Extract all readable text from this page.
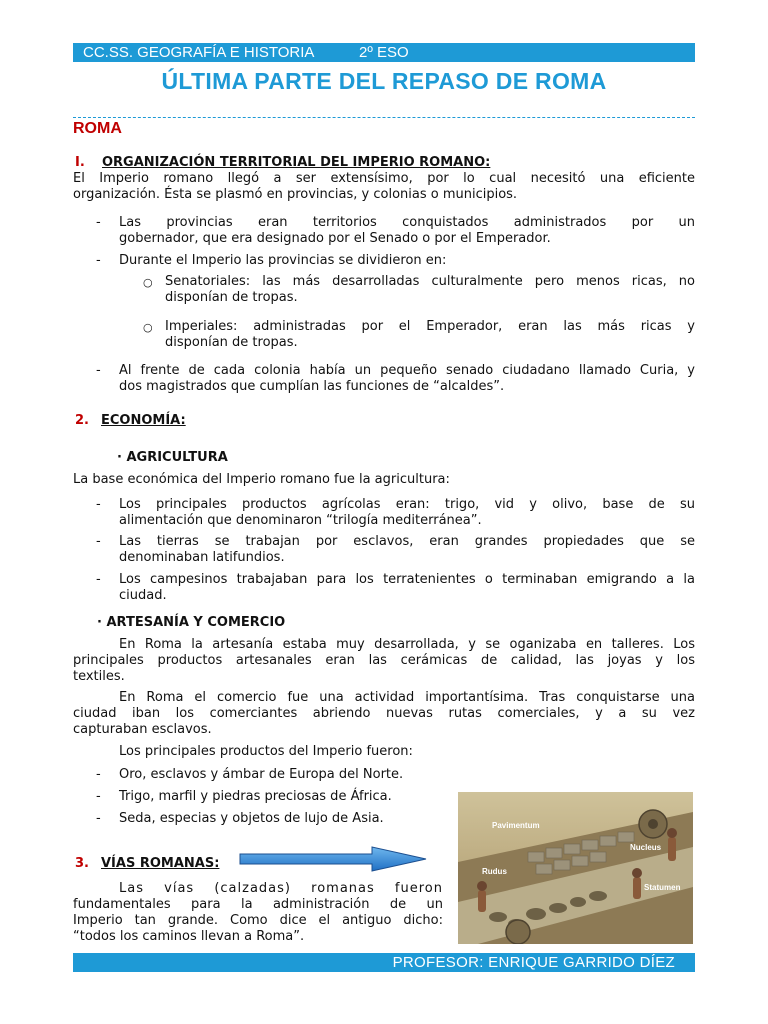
CC.SS. GEOGRAFÍA E HISTORIA	2º ESO
ÚLTIMA PARTE DEL REPASO DE ROMA
ROMA
I. ORGANIZACIÓN TERRITORIAL DEL IMPERIO ROMANO:
El Imperio romano llegó a ser extensísimo, por lo cual necesitó una eficiente
organización. Ésta se plasmó en provincias, y colonias o municipios.
- Las provincias eran territorios conquistados administrados por un
gobernador, que era designado por el Senado o por el Emperador.
- Durante el Imperio las provincias se dividieron en:
○ Senatoriales: las más desarrolladas culturalmente pero menos ricas, no
disponían de tropas.
○ Imperiales: administradas por el Emperador, eran las más ricas y
disponían de tropas.
- Al frente de cada colonia había un pequeño senado ciudadano llamado Curia, y
dos magistrados que cumplían las funciones de “alcaldes”.
2. ECONOMÍA:
· AGRICULTURA
La base económica del Imperio romano fue la agricultura:
- Los principales productos agrícolas eran: trigo, vid y olivo, base de su
alimentación que denominaron “trilogía mediterránea”.
- Las tierras se trabajan por esclavos, eran grandes propiedades que se
denominaban latifundios.
- Los campesinos trabajaban para los terratenientes o terminaban emigrando a la
ciudad.
· ARTESANÍA Y COMERCIO
En Roma la artesanía estaba muy desarrollada, y se oganizaba en talleres. Los
principales productos artesanales eran las cerámicas de calidad, las joyas y los
textiles.
En Roma el comercio fue una actividad importantísima. Tras conquistarse una
ciudad iban los comerciantes abriendo nuevas rutas comerciales, y a su vez
capturaban esclavos.
Los principales productos del Imperio fueron:
- Oro, esclavos y ámbar de Europa del Norte.
- Trigo, marfil y piedras preciosas de África.
- Seda, especias y objetos de lujo de Asia.
3. VÍAS ROMANAS:
Las vías (calzadas) romanas fueron
fundamentales para la administración de un
Imperio tan grande. Como dice el antiguo dicho:
“todos los caminos llevan a Roma”.
Pavimentum
Nucleus
Rudus
Statumen
PROFESOR: ENRIQUE GARRIDO DÍEZ
